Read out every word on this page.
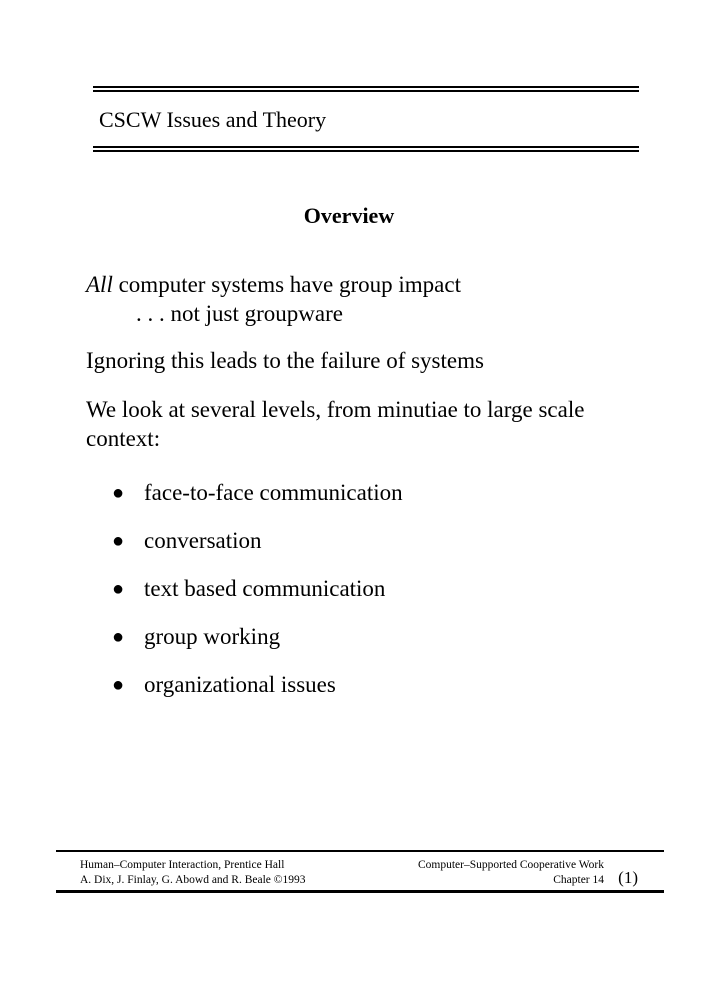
CSCW Issues and Theory
Overview
All computer systems have group impact
. . . not just groupware
Ignoring this leads to the failure of systems
We look at several levels, from minutiae to large scale context:
● face-to-face communication
● conversation
● text based communication
● group working
● organizational issues
Human–Computer Interaction, Prentice Hall
A. Dix, J. Finlay, G. Abowd and R. Beale ©1993
Computer–Supported Cooperative Work
Chapter 14 (1)
